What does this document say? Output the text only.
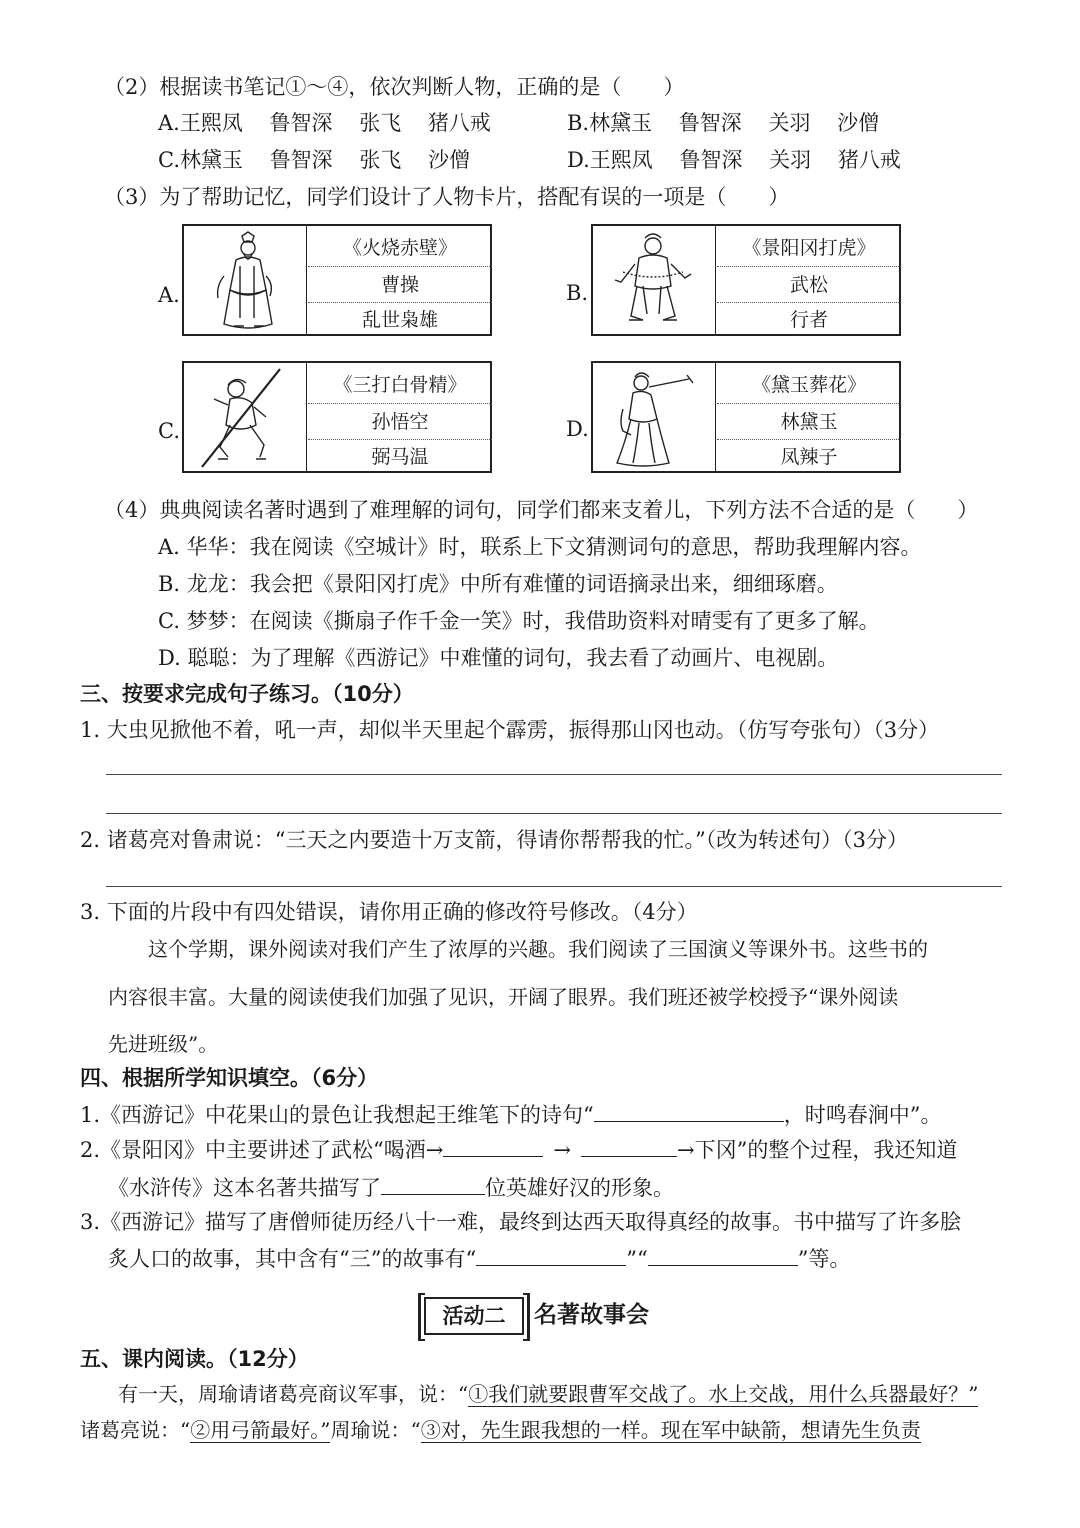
（2）根据读书笔记①～④，依次判断人物，正确的是（　　）
A.王熙凤 鲁智深 张飞 猪八戒	B.林黛玉 鲁智深 关羽 沙僧
C.林黛玉 鲁智深 张飞 沙僧	D.王熙凤 鲁智深 关羽 猪八戒
（3）为了帮助记忆，同学们设计了人物卡片，搭配有误的一项是（　　）
A.
《火烧赤壁》
曹操
乱世枭雄
B.
《景阳冈打虎》
武松
行者
C.
《三打白骨精》
孙悟空
弼马温
D.
《黛玉葬花》
林黛玉
凤辣子
（4）典典阅读名著时遇到了难理解的词句，同学们都来支着儿，下列方法不合适的是（　　）
A. 华华：我在阅读《空城计》时，联系上下文猜测词句的意思，帮助我理解内容。
B. 龙龙：我会把《景阳冈打虎》中所有难懂的词语摘录出来，细细琢磨。
C. 梦梦：在阅读《撕扇子作千金一笑》时，我借助资料对晴雯有了更多了解。
D. 聪聪：为了理解《西游记》中难懂的词句，我去看了动画片、电视剧。
三、按要求完成句子练习。（10分）
1. 大虫见掀他不着，吼一声，却似半天里起个霹雳，振得那山冈也动。（仿写夸张句）（3分）
2. 诸葛亮对鲁肃说：“三天之内要造十万支箭，得请你帮帮我的忙。”（改为转述句）（3分）
3. 下面的片段中有四处错误，请你用正确的修改符号修改。（4分）
这个学期，课外阅读对我们产生了浓厚的兴趣。我们阅读了三国演义等课外书。这些书的
内容很丰富。大量的阅读使我们加强了见识，开阔了眼界。我们班还被学校授予“课外阅读
先进班级”。
四、根据所学知识填空。（6分）
1.《西游记》中花果山的景色让我想起王维笔下的诗句“	，时鸣春涧中”。
2.《景阳冈》中主要讲述了武松“喝酒→	→	→下冈”的整个过程，我还知道
《水浒传》这本名著共描写了	位英雄好汉的形象。
3.《西游记》描写了唐僧师徒历经八十一难，最终到达西天取得真经的故事。书中描写了许多脍
炙人口的故事，其中含有“三”的故事有“	”“	”等。
活动二	名著故事会
五、课内阅读。（12分）
有一天，周瑜请诸葛亮商议军事，说：“①我们就要跟曹军交战了。水上交战，用什么兵器最好？”
诸葛亮说：“②用弓箭最好。”周瑜说：“③对，先生跟我想的一样。现在军中缺箭，想请先生负责
